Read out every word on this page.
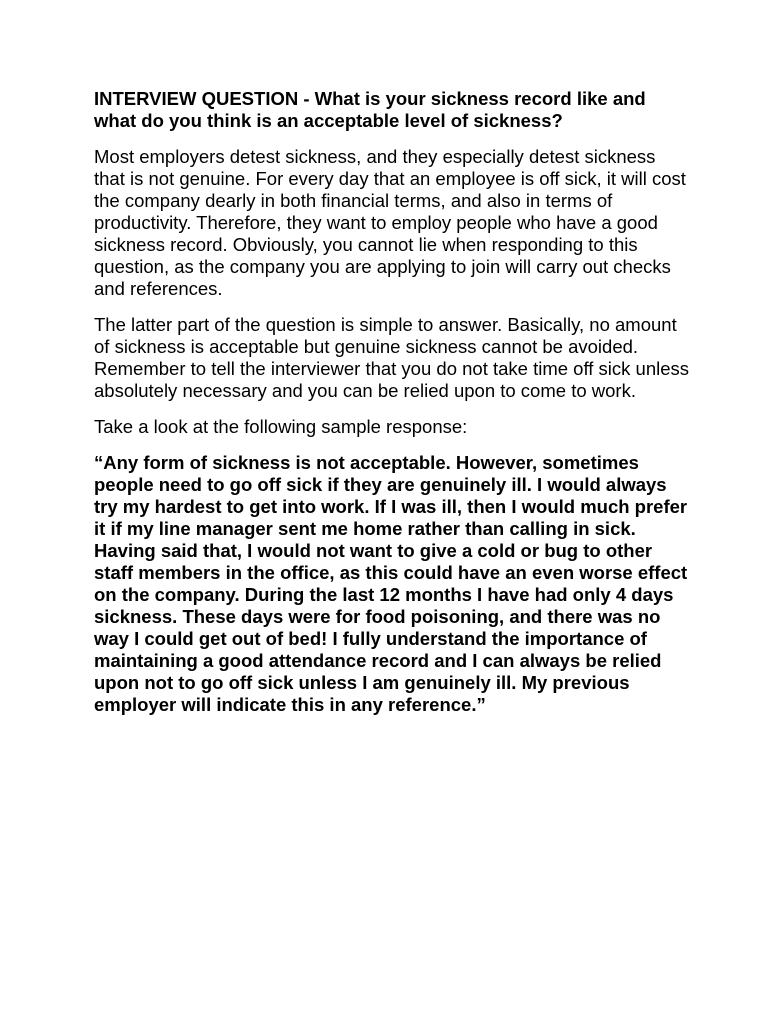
INTERVIEW QUESTION - What is your sickness record like and what do you think is an acceptable level of sickness?

Most employers detest sickness, and they especially detest sickness that is not genuine. For every day that an employee is off sick, it will cost the company dearly in both financial terms, and also in terms of productivity. Therefore, they want to employ people who have a good sickness record. Obviously, you cannot lie when responding to this question, as the company you are applying to join will carry out checks and references.

The latter part of the question is simple to answer. Basically, no amount of sickness is acceptable but genuine sickness cannot be avoided. Remember to tell the interviewer that you do not take time off sick unless absolutely necessary and you can be relied upon to come to work.

Take a look at the following sample response:

“Any form of sickness is not acceptable. However, sometimes people need to go off sick if they are genuinely ill. I would always try my hardest to get into work. If I was ill, then I would much prefer it if my line manager sent me home rather than calling in sick. Having said that, I would not want to give a cold or bug to other staff members in the office, as this could have an even worse effect on the company. During the last 12 months I have had only 4 days sickness. These days were for food poisoning, and there was no way I could get out of bed! I fully understand the importance of maintaining a good attendance record and I can always be relied upon not to go off sick unless I am genuinely ill. My previous employer will indicate this in any reference.”
